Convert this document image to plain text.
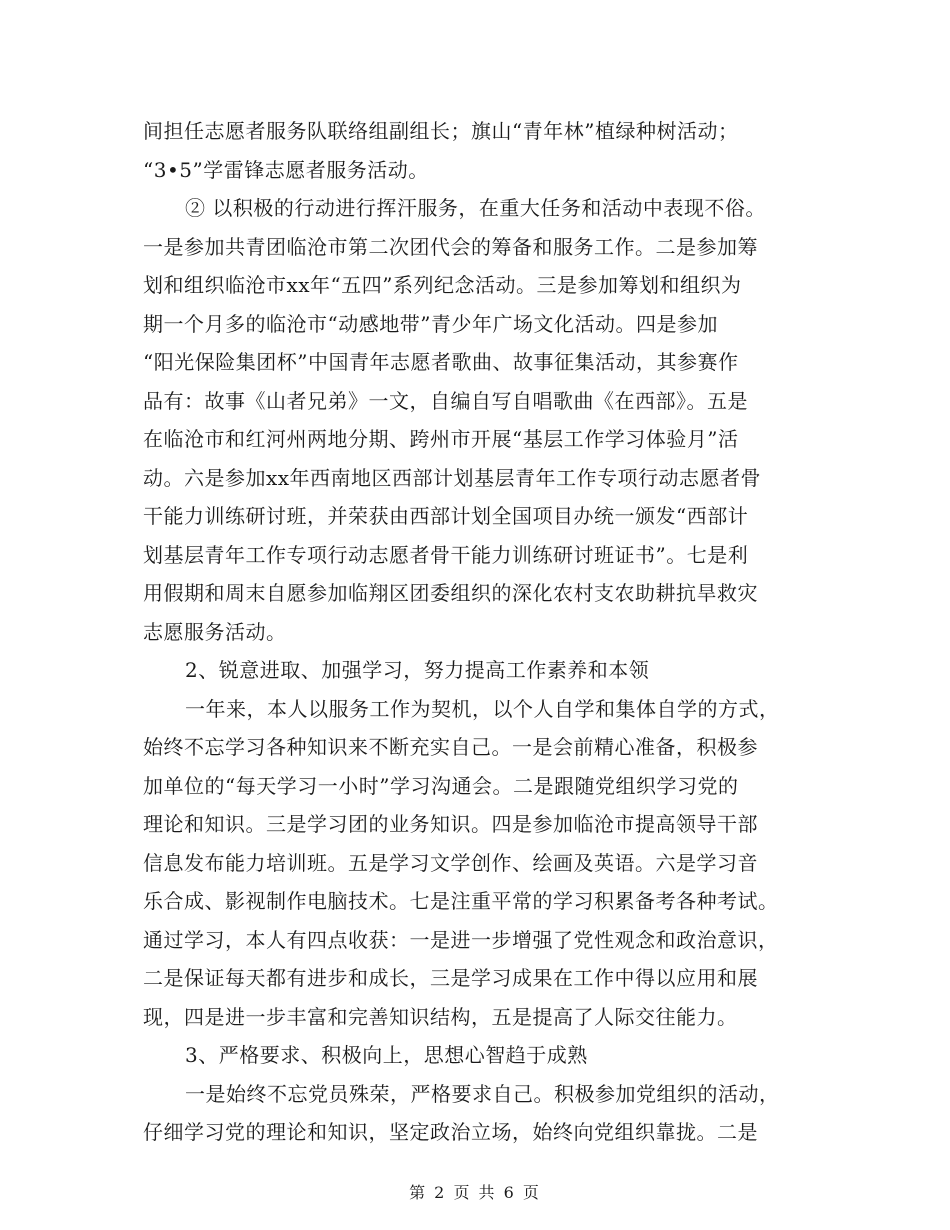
间担任志愿者服务队联络组副组长；旗山“青年林”植绿种树活动；
“3•5”学雷锋志愿者服务活动。
② 以积极的行动进行挥汗服务，在重大任务和活动中表现不俗。
一是参加共青团临沧市第二次团代会的筹备和服务工作。二是参加筹
划和组织临沧市xx年“五四”系列纪念活动。三是参加筹划和组织为
期一个月多的临沧市“动感地带”青少年广场文化活动。四是参加
“阳光保险集团杯”中国青年志愿者歌曲、故事征集活动，其参赛作
品有：故事《山者兄弟》一文，自编自写自唱歌曲《在西部》。五是
在临沧市和红河州两地分期、跨州市开展“基层工作学习体验月”活
动。六是参加xx年西南地区西部计划基层青年工作专项行动志愿者骨
干能力训练研讨班，并荣获由西部计划全国项目办统一颁发“西部计
划基层青年工作专项行动志愿者骨干能力训练研讨班证书”。七是利
用假期和周末自愿参加临翔区团委组织的深化农村支农助耕抗旱救灾
志愿服务活动。
2、锐意进取、加强学习，努力提高工作素养和本领
一年来，本人以服务工作为契机，以个人自学和集体自学的方式，
始终不忘学习各种知识来不断充实自己。一是会前精心准备，积极参
加单位的“每天学习一小时”学习沟通会。二是跟随党组织学习党的
理论和知识。三是学习团的业务知识。四是参加临沧市提高领导干部
信息发布能力培训班。五是学习文学创作、绘画及英语。六是学习音
乐合成、影视制作电脑技术。七是注重平常的学习积累备考各种考试。
通过学习，本人有四点收获：一是进一步增强了党性观念和政治意识，
二是保证每天都有进步和成长，三是学习成果在工作中得以应用和展
现，四是进一步丰富和完善知识结构，五是提高了人际交往能力。
3、严格要求、积极向上，思想心智趋于成熟
一是始终不忘党员殊荣，严格要求自己。积极参加党组织的活动，
仔细学习党的理论和知识，坚定政治立场，始终向党组织靠拢。二是
第 2 页 共 6 页
